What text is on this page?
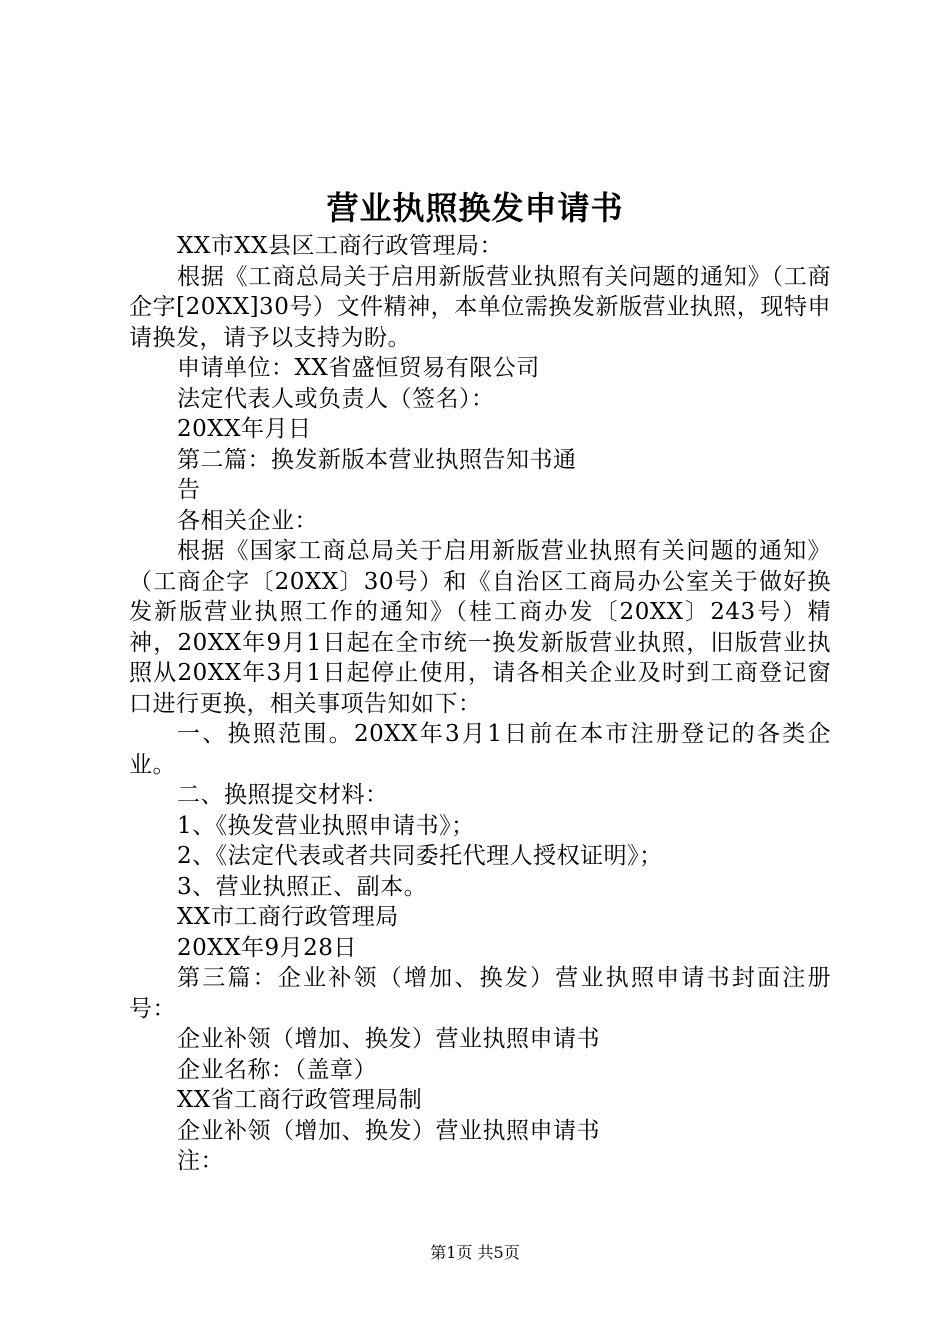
营业执照换发申请书

XX市XX县区工商行政管理局：

根据《工商总局关于启用新版营业执照有关问题的通知》（工商企字[20XX]30号）文件精神，本单位需换发新版营业执照，现特申请换发，请予以支持为盼。

申请单位：XX省盛恒贸易有限公司

法定代表人或负责人（签名）：

20XX年月日

第二篇：换发新版本营业执照告知书通

告

各相关企业：

根据《国家工商总局关于启用新版营业执照有关问题的通知》（工商企字〔20XX〕30号）和《自治区工商局办公室关于做好换发新版营业执照工作的通知》（桂工商办发〔20XX〕243号）精神，20XX年9月1日起在全市统一换发新版营业执照，旧版营业执照从20XX年3月1日起停止使用，请各相关企业及时到工商登记窗口进行更换，相关事项告知如下：

一、换照范围。20XX年3月1日前在本市注册登记的各类企业。

二、换照提交材料：

1、《换发营业执照申请书》；

2、《法定代表或者共同委托代理人授权证明》；

3、营业执照正、副本。

XX市工商行政管理局

20XX年9月28日

第三篇：企业补领（增加、换发）营业执照申请书封面注册号：

企业补领（增加、换发）营业执照申请书

企业名称：（盖章）

XX省工商行政管理局制

企业补领（增加、换发）营业执照申请书

注：

第1页 共5页
